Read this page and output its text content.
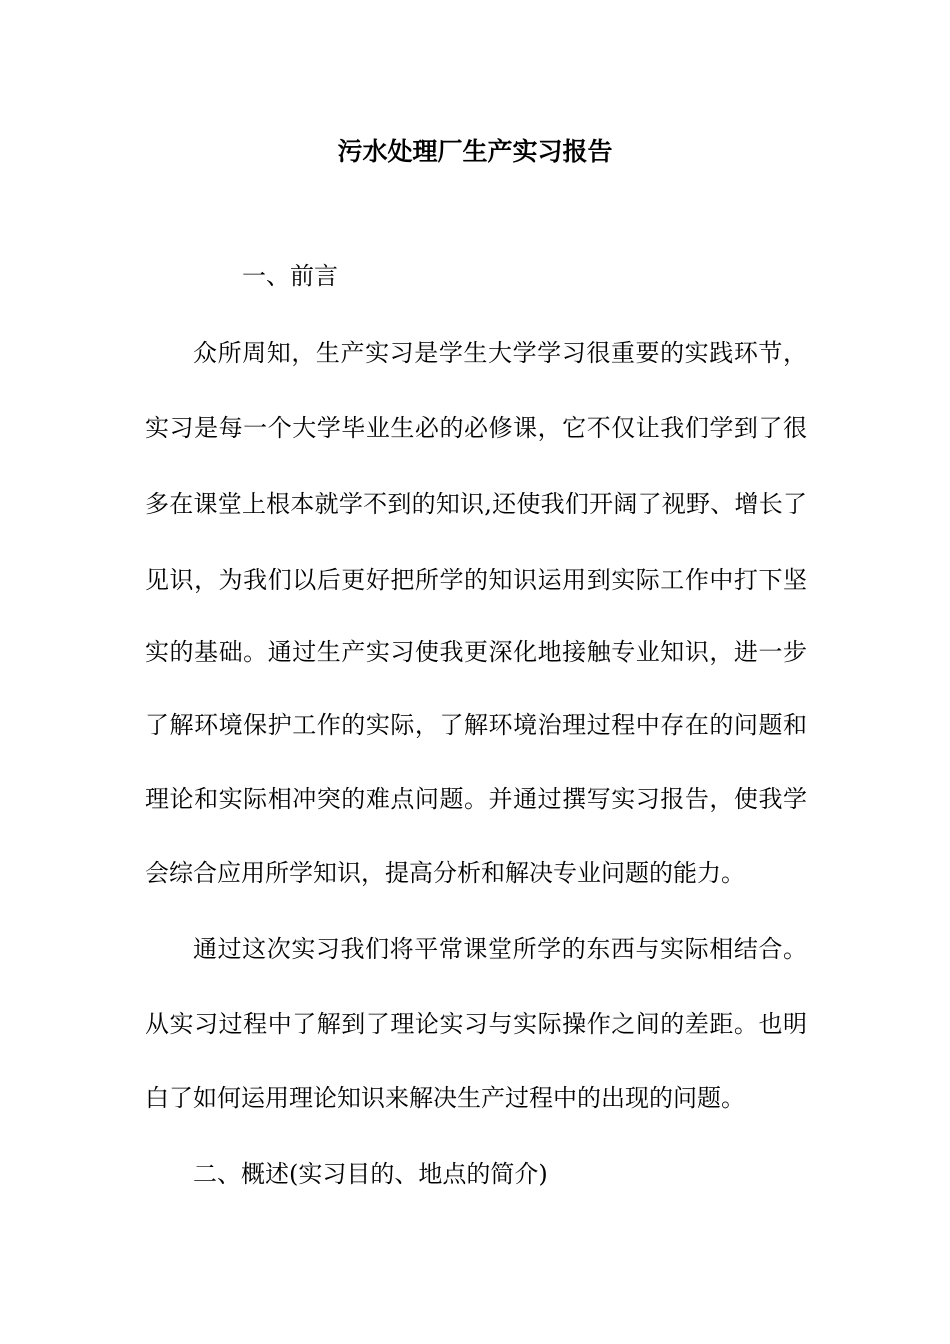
污水处理厂生产实习报告
一、前言
众所周知，生产实习是学生大学学习很重要的实践环节，
实习是每一个大学毕业生必的必修课，它不仅让我们学到了很
多在课堂上根本就学不到的知识,还使我们开阔了视野、增长了
见识，为我们以后更好把所学的知识运用到实际工作中打下坚
实的基础。通过生产实习使我更深化地接触专业知识，进一步
了解环境保护工作的实际，了解环境治理过程中存在的问题和
理论和实际相冲突的难点问题。并通过撰写实习报告，使我学
会综合应用所学知识，提高分析和解决专业问题的能力。
通过这次实习我们将平常课堂所学的东西与实际相结合。
从实习过程中了解到了理论实习与实际操作之间的差距。也明
白了如何运用理论知识来解决生产过程中的出现的问题。
二、概述(实习目的、地点的简介)
